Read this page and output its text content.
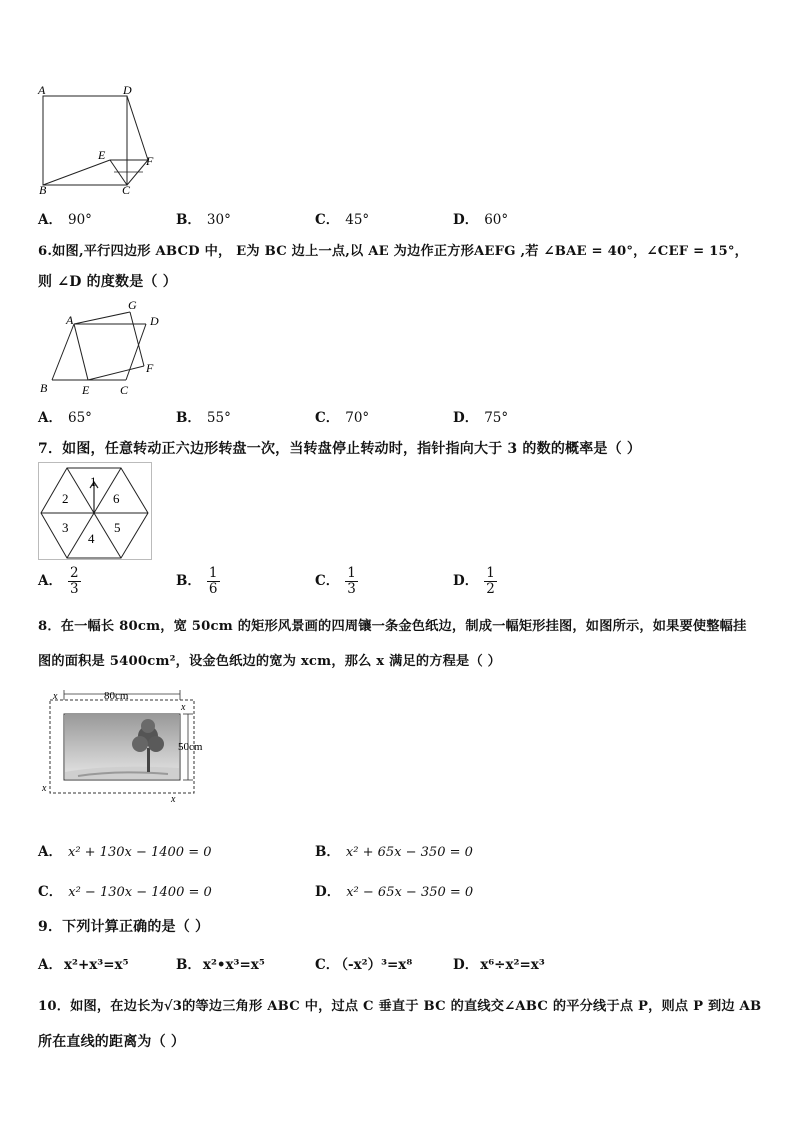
A	D
E	F
B	C
A． 90°	B． 30°	C． 45°	D． 60°
6.如图,平行四边形 ABCD 中， E为 BC 边上一点,以 AE 为边作正方形AEFG ,若 ∠BAE = 40°，∠CEF = 15°，
则 ∠D 的度数是（ ）
A
G
D
F
B	E	C
A． 65°	B． 55°	C． 70°	D． 75°
7．如图，任意转动正六边形转盘一次，当转盘停止转动时，指针指向大于 3 的数的概率是（ ）
1
6
2
3	5
4
A． $\frac{2}{3}$	B． $\frac{1}{6}$	C． $\frac{1}{3}$	D． $\frac{1}{2}$
8．在一幅长 80cm，宽 50cm 的矩形风景画的四周镶一条金色纸边，制成一幅矩形挂图，如图所示，如果要使整幅挂
图的面积是 5400cm²，设金色纸边的宽为 xcm，那么 x 满足的方程是（ ）
80cm
50cm
x
x
x
x
A． x² + 130x − 1400 = 0	B． x² + 65x − 350 = 0
C． x² − 130x − 1400 = 0	D． x² − 65x − 350 = 0
9．下列计算正确的是（ ）
A． x²+x³=x⁵	B． x²•x³=x⁵	C． （-x²）³=x⁸	D． x⁶÷x²=x³
10．如图，在边长为√3的等边三角形 ABC 中，过点 C 垂直于 BC 的直线交∠ABC 的平分线于点 P，则点 P 到边 AB
所在直线的距离为（ ）
